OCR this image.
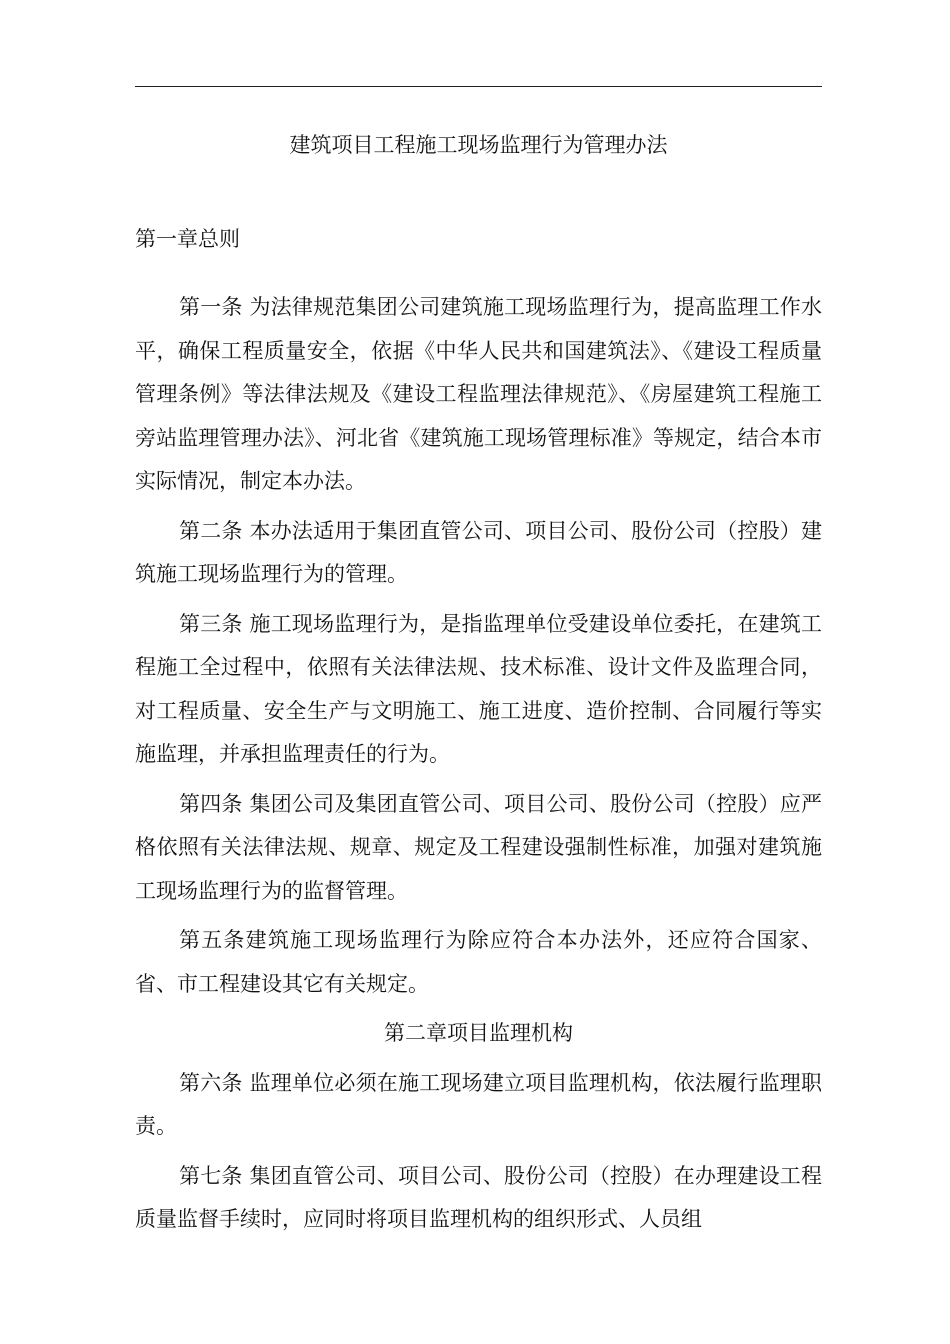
建筑项目工程施工现场监理行为管理办法
第一章总则

第一条 为法律规范集团公司建筑施工现场监理行为，提高监理工作水平，确保工程质量安全，依据《中华人民共和国建筑法》、《建设工程质量管理条例》等法律法规及《建设工程监理法律规范》、《房屋建筑工程施工旁站监理管理办法》、河北省《建筑施工现场管理标准》等规定，结合本市实际情况，制定本办法。

第二条 本办法适用于集团直管公司、项目公司、股份公司（控股）建筑施工现场监理行为的管理。

第三条 施工现场监理行为，是指监理单位受建设单位委托，在建筑工程施工全过程中，依照有关法律法规、技术标准、设计文件及监理合同，对工程质量、安全生产与文明施工、施工进度、造价控制、合同履行等实施监理，并承担监理责任的行为。

第四条 集团公司及集团直管公司、项目公司、股份公司（控股）应严格依照有关法律法规、规章、规定及工程建设强制性标准，加强对建筑施工现场监理行为的监督管理。

第五条建筑施工现场监理行为除应符合本办法外，还应符合国家、省、市工程建设其它有关规定。

第二章项目监理机构

第六条 监理单位必须在施工现场建立项目监理机构，依法履行监理职责。

第七条 集团直管公司、项目公司、股份公司（控股）在办理建设工程质量监督手续时，应同时将项目监理机构的组织形式、人员组
